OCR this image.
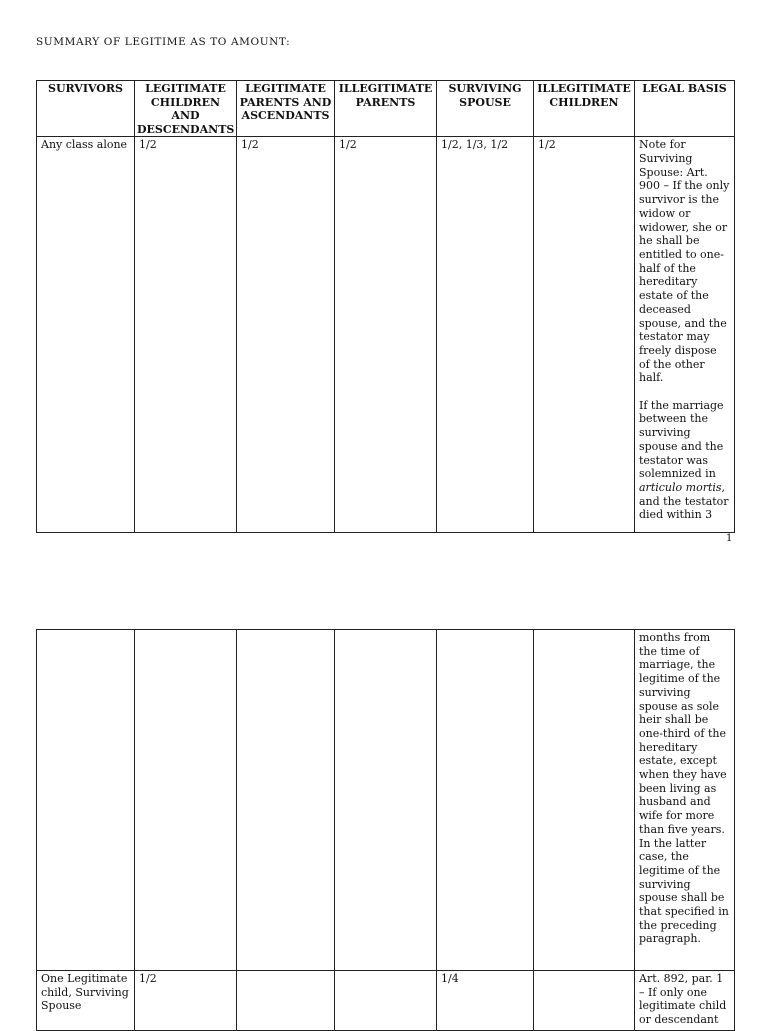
SUMMARY OF LEGITIME AS TO AMOUNT:
SURVIVORS	LEGITIMATE CHILDREN AND DESCENDANTS	LEGITIMATE PARENTS AND ASCENDANTS	ILLEGITIMATE PARENTS	SURVIVING SPOUSE	ILLEGITIMATE CHILDREN	LEGAL BASIS
Any class alone	1/2	1/2	1/2	1/2, 1/3, 1/2	1/2	Note for Surviving Spouse: Art. 900 – If the only survivor is the widow or widower, she or he shall be entitled to one-half of the hereditary estate of the deceased spouse, and the testator may freely dispose of the other half.

If the marriage between the surviving spouse and the testator was solemnized in articulo mortis, and the testator died within 3
1
						months from the time of marriage, the legitime of the surviving spouse as sole heir shall be one-third of the hereditary estate, except when they have been living as husband and wife for more than five years. In the latter case, the legitime of the surviving spouse shall be that specified in the preceding paragraph.
One Legitimate child, Surviving Spouse	1/2			1/4		Art. 892, par. 1 – If only one legitimate child or descendant
